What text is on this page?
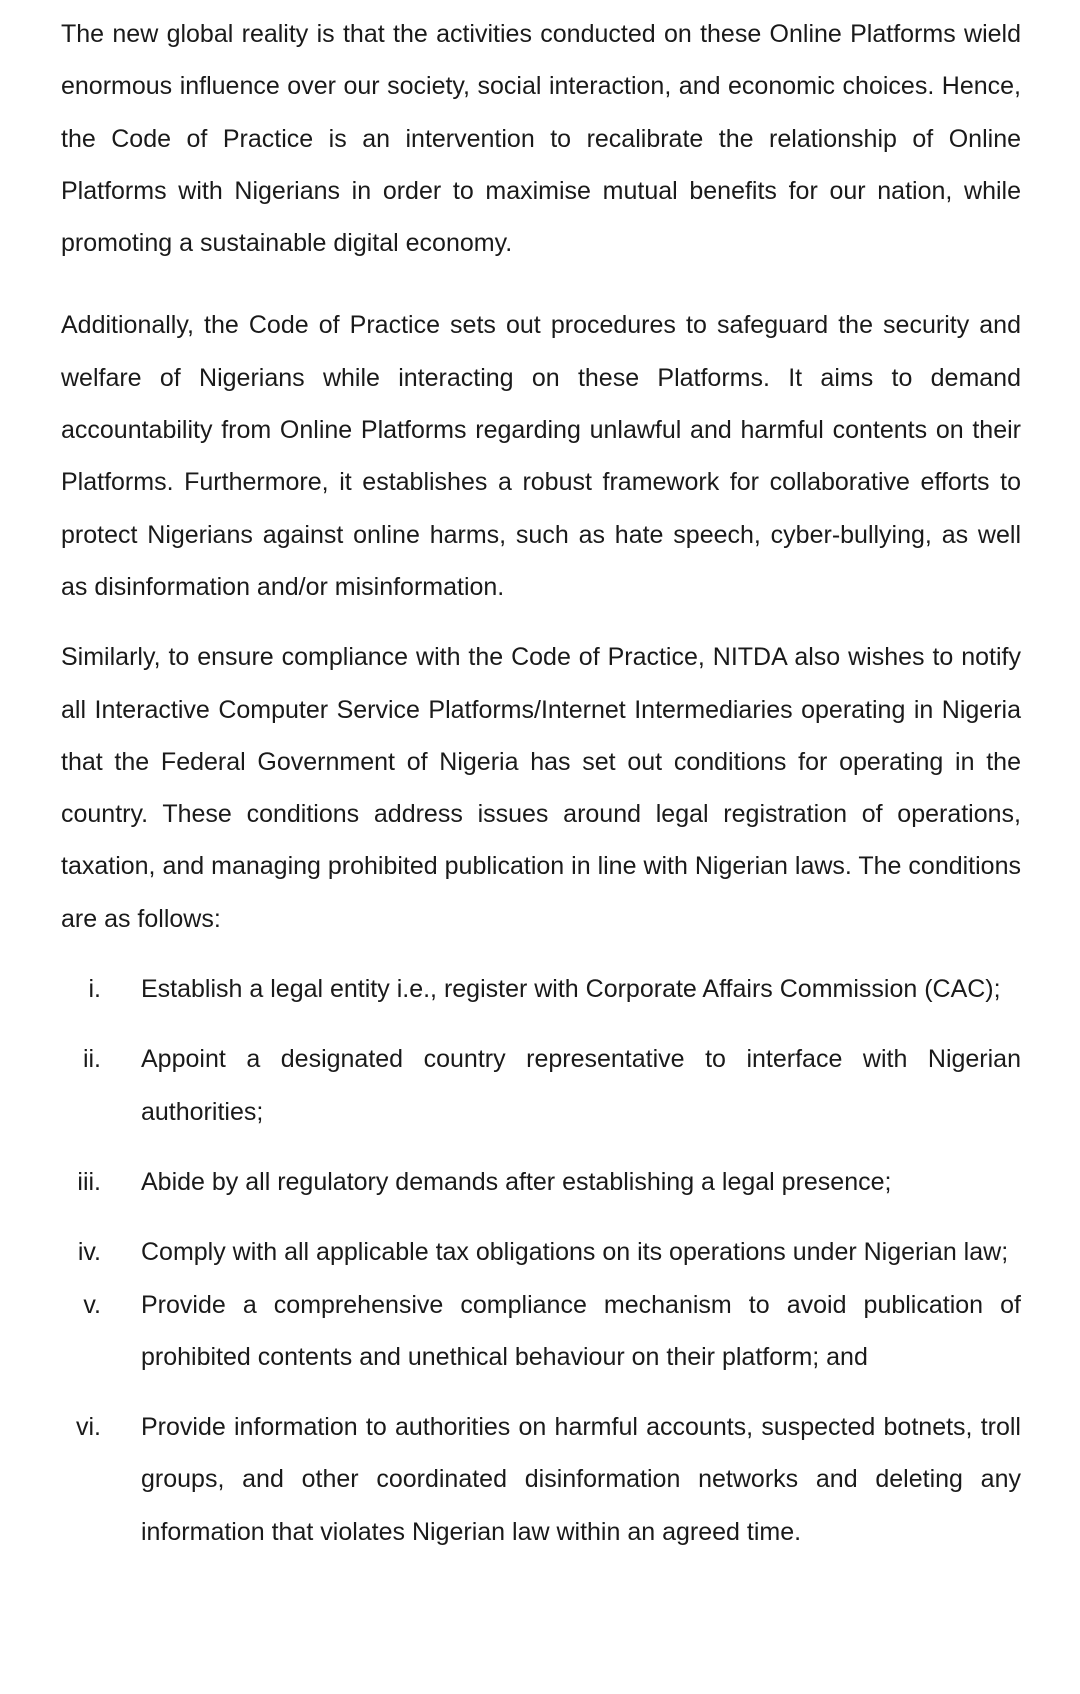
The new global reality is that the activities conducted on these Online Platforms wield enormous influence over our society, social interaction, and economic choices. Hence, the Code of Practice is an intervention to recalibrate the relationship of Online Platforms with Nigerians in order to maximise mutual benefits for our nation, while promoting a sustainable digital economy.

Additionally, the Code of Practice sets out procedures to safeguard the security and welfare of Nigerians while interacting on these Platforms. It aims to demand accountability from Online Platforms regarding unlawful and harmful contents on their Platforms. Furthermore, it establishes a robust framework for collaborative efforts to protect Nigerians against online harms, such as hate speech, cyber-bullying, as well as disinformation and/or misinformation.

Similarly, to ensure compliance with the Code of Practice, NITDA also wishes to notify all Interactive Computer Service Platforms/Internet Intermediaries operating in Nigeria that the Federal Government of Nigeria has set out conditions for operating in the country. These conditions address issues around legal registration of operations, taxation, and managing prohibited publication in line with Nigerian laws. The conditions are as follows:

i. Establish a legal entity i.e., register with Corporate Affairs Commission (CAC);

ii. Appoint a designated country representative to interface with Nigerian authorities;

iii. Abide by all regulatory demands after establishing a legal presence;

iv. Comply with all applicable tax obligations on its operations under Nigerian law;

v. Provide a comprehensive compliance mechanism to avoid publication of prohibited contents and unethical behaviour on their platform; and

vi. Provide information to authorities on harmful accounts, suspected botnets, troll groups, and other coordinated disinformation networks and deleting any information that violates Nigerian law within an agreed time.
